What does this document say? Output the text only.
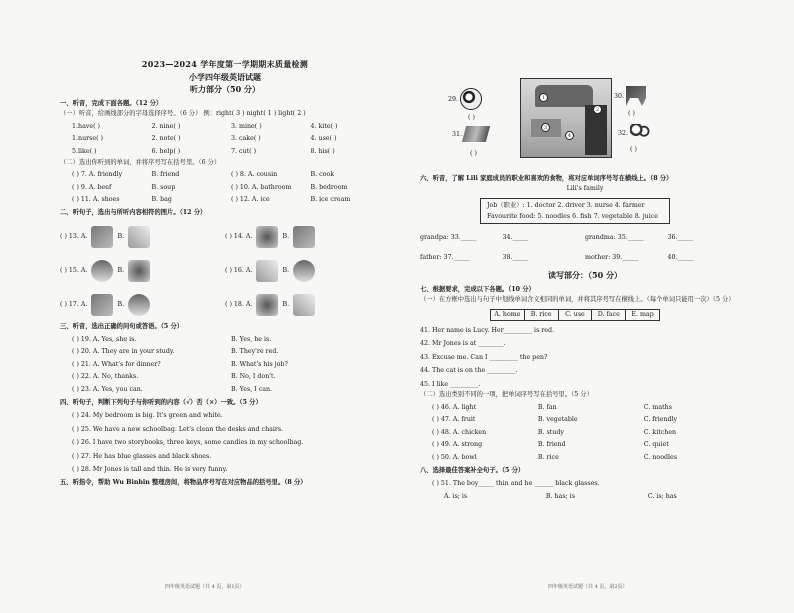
2023—2024 学年度第一学期期末质量检测
小学四年级英语试题
听力部分（50 分）
一、听音，完成下面各题。（12 分）
（一）听音，给画线部分的字母选择序号。（6 分） 例：right( 3 ) night( 1 ) light( 2 )
1.have( )	2. nine( )	3. mine( )	4. kite( )
1.nurse( )	2. note( )	3. cake( )	4. use( )
5.like( )	6. help( )	7. cut( )	8. his( )
（二）选出你听到的单词，并将序号写在括号里。（6 分）
( ) 7. A. friendly	B. friend	( ) 8. A. cousin	B. cook
( ) 9. A. beef	B. soup	( ) 10. A. bathroom	B. bedroom
( ) 11. A. shoes	B. bag	( ) 12. A. ice	B. ice cream
二、听句子，选出与所听内容相符的图片。（12 分）
( ) 13. A.	B.	( ) 14. A.	B.
( ) 15. A.	B.	( ) 16. A.	B.
( ) 17. A.	B.	( ) 18. A.	B.
三、听音，选出正确的问句或答语。（5 分）
( ) 19. A. Yes, she is.	B. Yes, he is.
( ) 20. A. They are in your study.	B. They're red.
( ) 21. A. What's for dinner?	B. What's his job?
( ) 22. A. No, thanks.	B. No, I don't.
( ) 23. A. Yes, you can.	B. Yes, I can.
四、听句子，判断下列句子与你听到的内容（√）否（×）一致。（5 分）
( ) 24. My bedroom is big. It's green and white.
( ) 25. We have a new schoolbag. Let's clean the desks and chairs.
( ) 26. I have two storybooks, three keys, some candies in my schoolbag.
( ) 27. He has blue glasses and black shoes.
( ) 28. Mr Jones is tall and thin. He is very funny.
五、听指令，帮助 Wu Binbin 整理房间，将物品序号写在对应物品的括号里。（8 分）
四年级英语试题（共 4 页，第1页）
29.
( )
30.
( )
31.
( )
32.
( )
1
2
3
4
六、听音，了解 Lili 家庭成员的职业和喜欢的食物，将对应单词序号写在横线上。（8 分）
Lili's family
Job（职业）: 1. doctor 2. driver 3. nurse 4. farmer
Favourite food: 5. noodles 6. fish 7. vegetable 8. juice
grandpa: 33._____	34._____	grandma: 35._____	36._____
father: 37._____	38._____	mother: 39._____	40._____
读写部分：（50 分）
七、根据要求，完成以下各题。（10 分）
（一）在方框中选出与句子中划线单词含义相同的单词，并将其序号写在横线上。（每个单词只能用一次）（5 分）
A. home	B. rice	C. use	D. face	E. map
41. Her name is Lucy. Her_________ is red.
42. Mr Jones is at ________.
43. Excuse me. Can I _________ the pen?
44. The cat is on the _________.
45. I like _________.
（二）选出类别不同的一项，把单词序号写在括号里。（5 分）
( ) 46. A. light	B. fan	C. maths
( ) 47. A. fruit	B. vegetable	C. friendly
( ) 48. A. chicken	B. study	C. kitchen
( ) 49. A. strong	B. friend	C. quiet
( ) 50. A. bowl	B. rice	C. noodles
八、选择最佳答案补全句子。（5 分）
( ) 51. The boy_____ thin and he ______ black glasses.
A. is; is	B. has; is	C. is; has
四年级英语试题（共 4 页，第2页）
